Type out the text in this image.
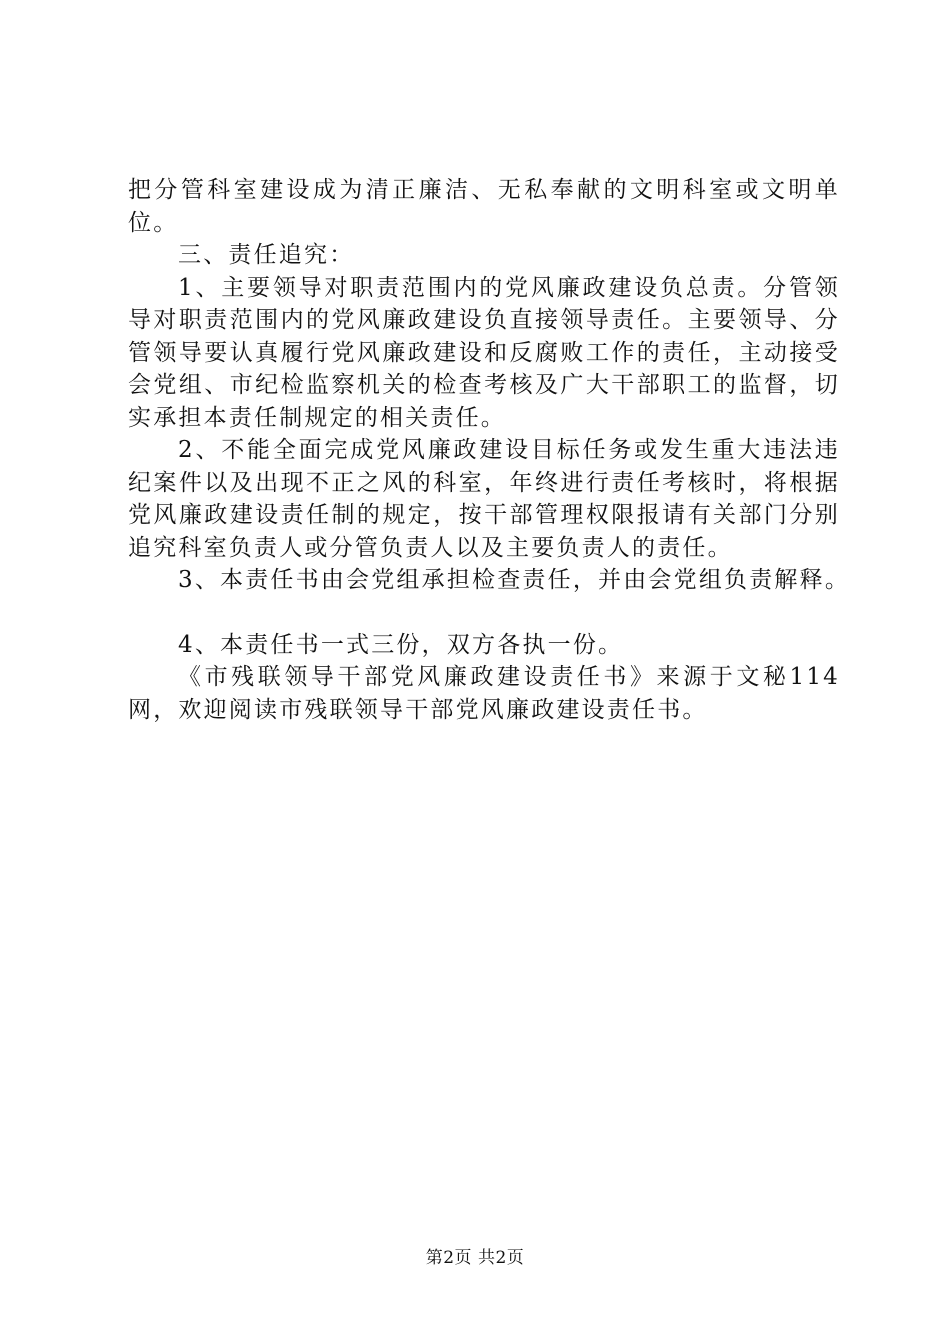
把分管科室建设成为清正廉洁、无私奉献的文明科室或文明单位。

三、责任追究：

1、主要领导对职责范围内的党风廉政建设负总责。分管领导对职责范围内的党风廉政建设负直接领导责任。主要领导、分管领导要认真履行党风廉政建设和反腐败工作的责任，主动接受会党组、市纪检监察机关的检查考核及广大干部职工的监督，切实承担本责任制规定的相关责任。

2、不能全面完成党风廉政建设目标任务或发生重大违法违纪案件以及出现不正之风的科室，年终进行责任考核时，将根据党风廉政建设责任制的规定，按干部管理权限报请有关部门分别追究科室负责人或分管负责人以及主要负责人的责任。

3、本责任书由会党组承担检查责任，并由会党组负责解释。

4、本责任书一式三份，双方各执一份。

《市残联领导干部党风廉政建设责任书》来源于文秘114网，欢迎阅读市残联领导干部党风廉政建设责任书。

第2页 共2页
